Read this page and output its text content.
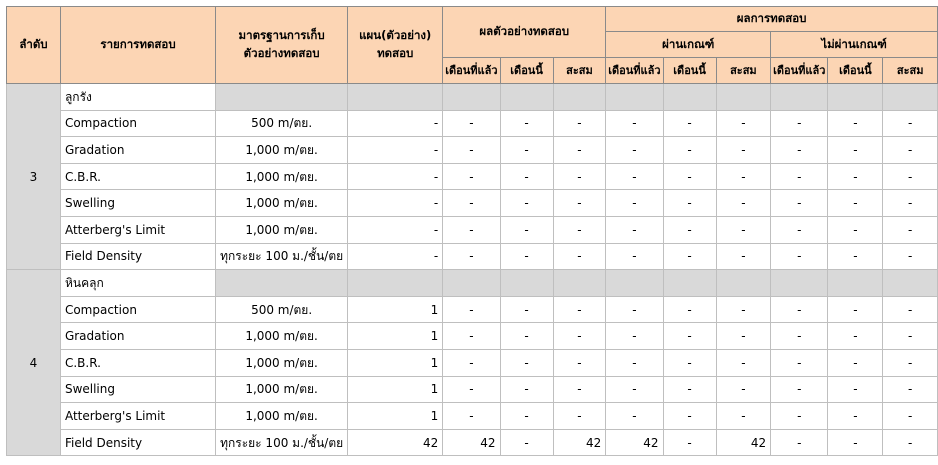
ลำดับ	รายการทดสอบ	มาตรฐานการเก็บ ตัวอย่างทดสอบ	แผน(ตัวอย่าง) ทดสอบ	ผลตัวอย่างทดสอบ			ผลการทดสอบ					
							ผ่านเกณฑ์			ไม่ผ่านเกณฑ์		
				เดือนที่แล้ว	เดือนนี้	สะสม	เดือนที่แล้ว	เดือนนี้	สะสม	เดือนที่แล้ว	เดือนนี้	สะสม
3	ลูกรัง											
	Compaction	500 m/ตย.	-	-	-	-	-	-	-	-	-	-
	Gradation	1,000 m/ตย.	-	-	-	-	-	-	-	-	-	-
	C.B.R.	1,000 m/ตย.	-	-	-	-	-	-	-	-	-	-
	Swelling	1,000 m/ตย.	-	-	-	-	-	-	-	-	-	-
	Atterberg's Limit	1,000 m/ตย.	-	-	-	-	-	-	-	-	-	-
	Field Density	ทุกระยะ 100 ม./ชั้น/ตย	-	-	-	-	-	-	-	-	-	-
4	หินคลุก											
	Compaction	500 m/ตย.	1	-	-	-	-	-	-	-	-	-
	Gradation	1,000 m/ตย.	1	-	-	-	-	-	-	-	-	-
	C.B.R.	1,000 m/ตย.	1	-	-	-	-	-	-	-	-	-
	Swelling	1,000 m/ตย.	1	-	-	-	-	-	-	-	-	-
	Atterberg's Limit	1,000 m/ตย.	1	-	-	-	-	-	-	-	-	-
	Field Density	ทุกระยะ 100 ม./ชั้น/ตย	42	42	-	42	42	-	42	-	-	-
